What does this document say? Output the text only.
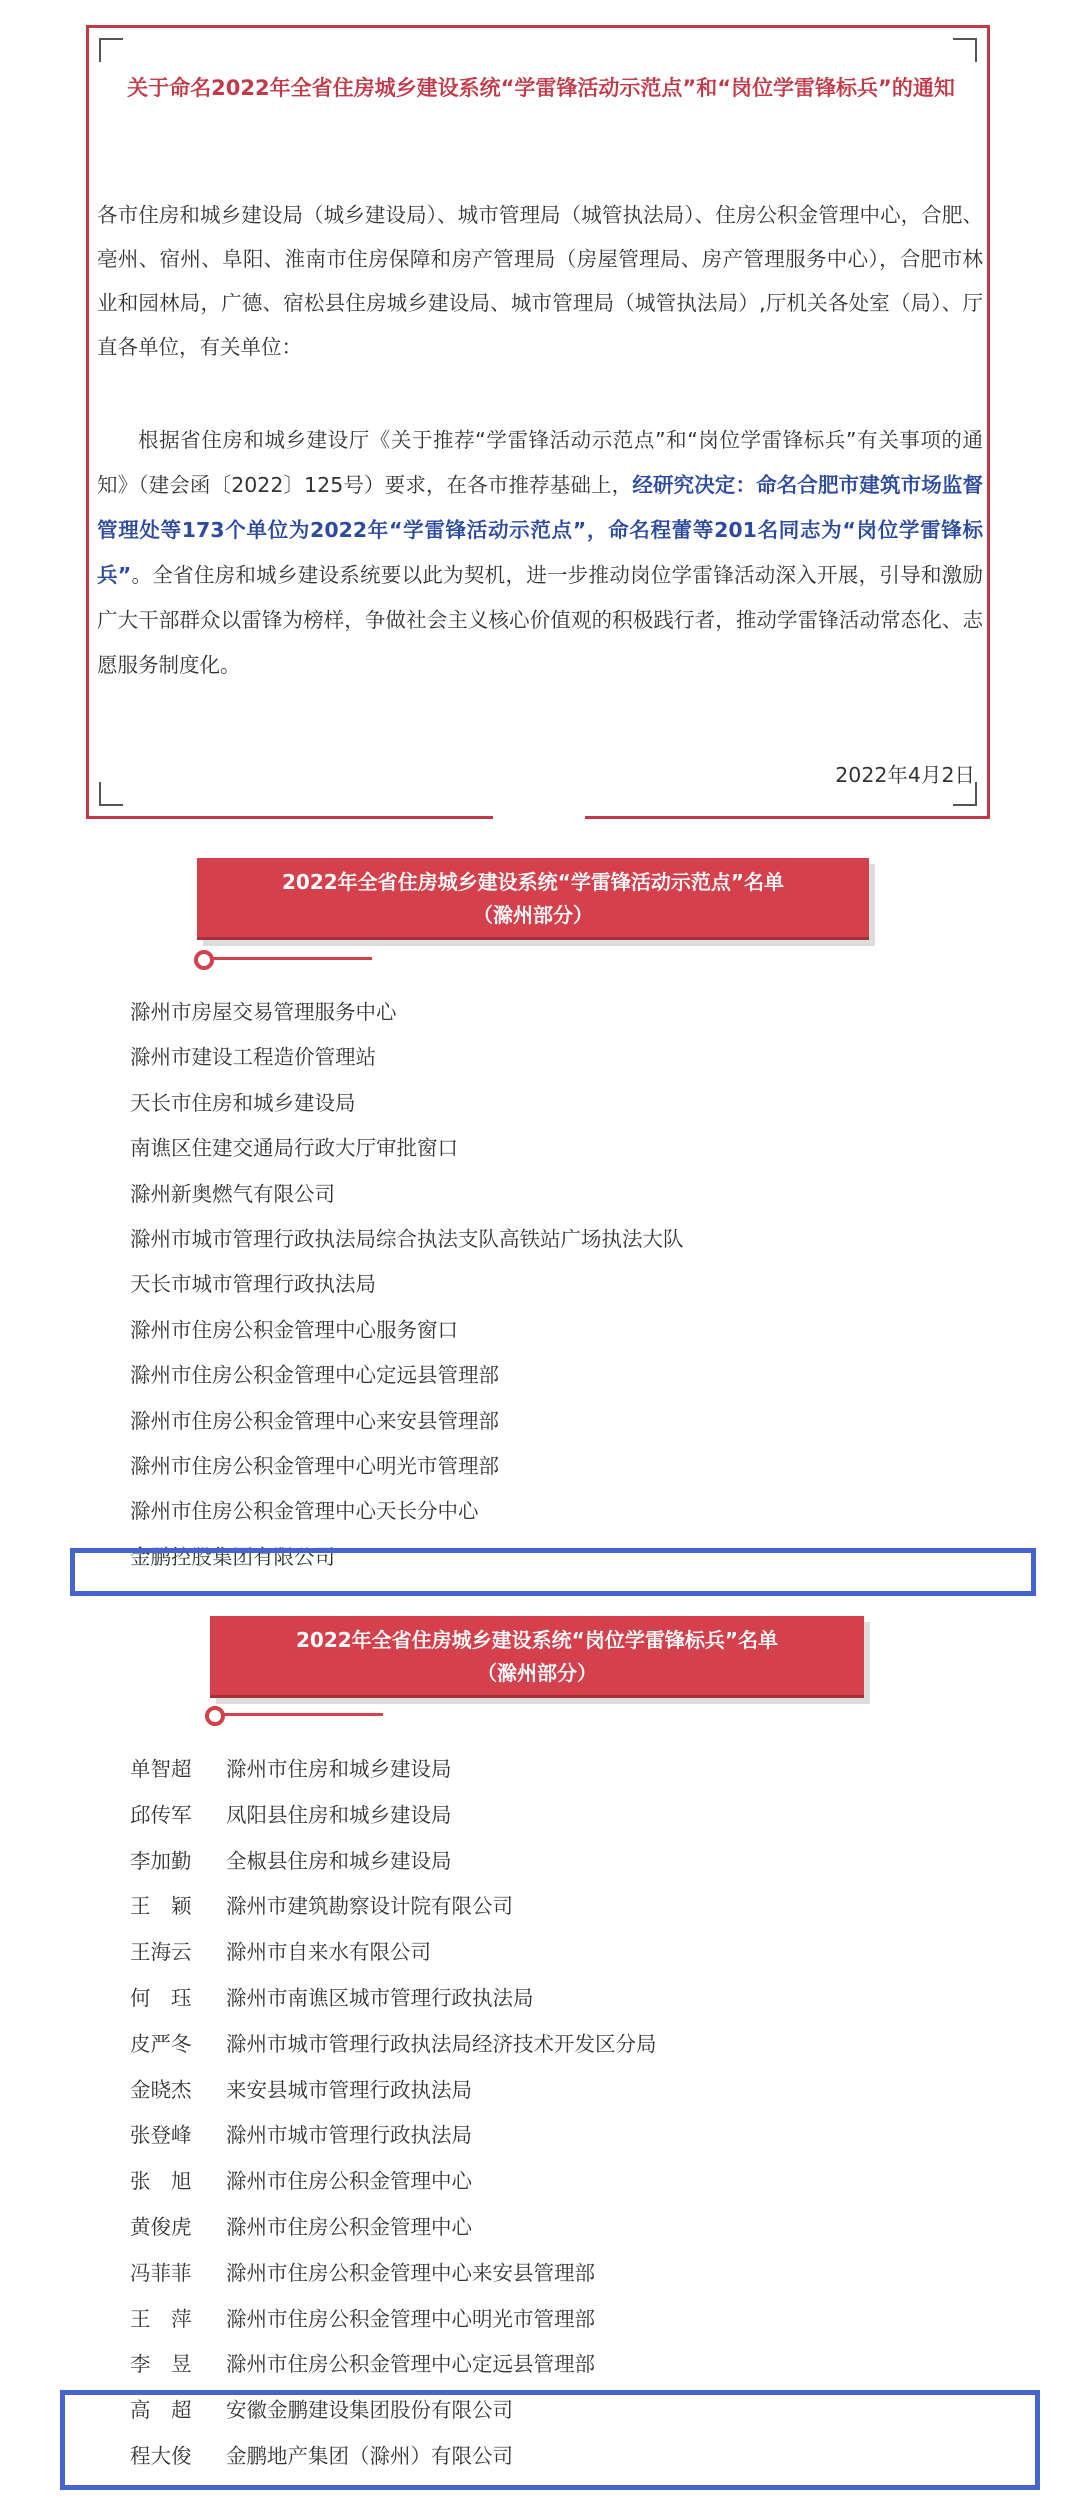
关于命名2022年全省住房城乡建设系统“学雷锋活动示范点”和“岗位学雷锋标兵”的通知
各市住房和城乡建设局（城乡建设局）、城市管理局（城管执法局）、住房公积金管理中心，合肥、亳州、宿州、阜阳、淮南市住房保障和房产管理局（房屋管理局、房产管理服务中心），合肥市林业和园林局，广德、宿松县住房城乡建设局、城市管理局（城管执法局）,厅机关各处室（局）、厅直各单位，有关单位：
根据省住房和城乡建设厅《关于推荐“学雷锋活动示范点”和“岗位学雷锋标兵”有关事项的通知》（建会函〔2022〕125号）要求，在各市推荐基础上，经研究决定：命名合肥市建筑市场监督管理处等173个单位为2022年“学雷锋活动示范点”，命名程蕾等201名同志为“岗位学雷锋标兵”。全省住房和城乡建设系统要以此为契机，进一步推动岗位学雷锋活动深入开展，引导和激励广大干部群众以雷锋为榜样，争做社会主义核心价值观的积极践行者，推动学雷锋活动常态化、志愿服务制度化。
2022年4月2日
2022年全省住房城乡建设系统“学雷锋活动示范点”名单
（滁州部分）
滁州市房屋交易管理服务中心
滁州市建设工程造价管理站
天长市住房和城乡建设局
南谯区住建交通局行政大厅审批窗口
滁州新奥燃气有限公司
滁州市城市管理行政执法局综合执法支队高铁站广场执法大队
天长市城市管理行政执法局
滁州市住房公积金管理中心服务窗口
滁州市住房公积金管理中心定远县管理部
滁州市住房公积金管理中心来安县管理部
滁州市住房公积金管理中心明光市管理部
滁州市住房公积金管理中心天长分中心
金鹏控股集团有限公司
2022年全省住房城乡建设系统“岗位学雷锋标兵”名单
（滁州部分）
单智超	滁州市住房和城乡建设局
邱传军	凤阳县住房和城乡建设局
李加勤	全椒县住房和城乡建设局
王　颖	滁州市建筑勘察设计院有限公司
王海云	滁州市自来水有限公司
何　珏	滁州市南谯区城市管理行政执法局
皮严冬	滁州市城市管理行政执法局经济技术开发区分局
金晓杰	来安县城市管理行政执法局
张登峰	滁州市城市管理行政执法局
张　旭	滁州市住房公积金管理中心
黄俊虎	滁州市住房公积金管理中心
冯菲菲	滁州市住房公积金管理中心来安县管理部
王　萍	滁州市住房公积金管理中心明光市管理部
李　昱	滁州市住房公积金管理中心定远县管理部
高　超	安徽金鹏建设集团股份有限公司
程大俊	金鹏地产集团（滁州）有限公司
